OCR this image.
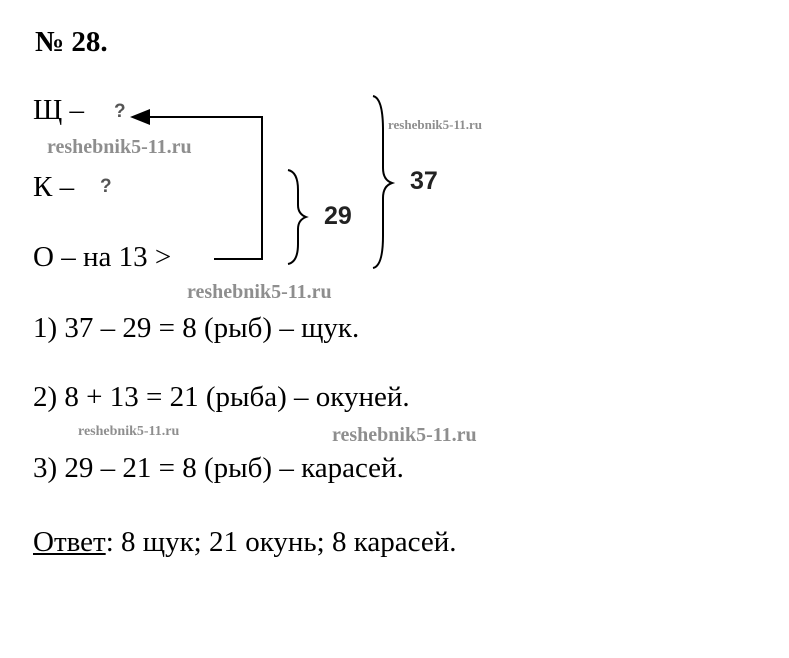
№ 28.
Щ – ?
К – ?
О – на 13 >
29
37
1) 37 – 29 = 8 (рыб) – щук.
2) 8 + 13 = 21 (рыба) – окуней.
3) 29 – 21 = 8 (рыб) – карасей.
Ответ: 8 щук; 21 окунь; 8 карасей.
reshebnik5-11.ru
reshebnik5-11.ru
reshebnik5-11.ru
reshebnik5-11.ru	reshebnik5-11.ru
